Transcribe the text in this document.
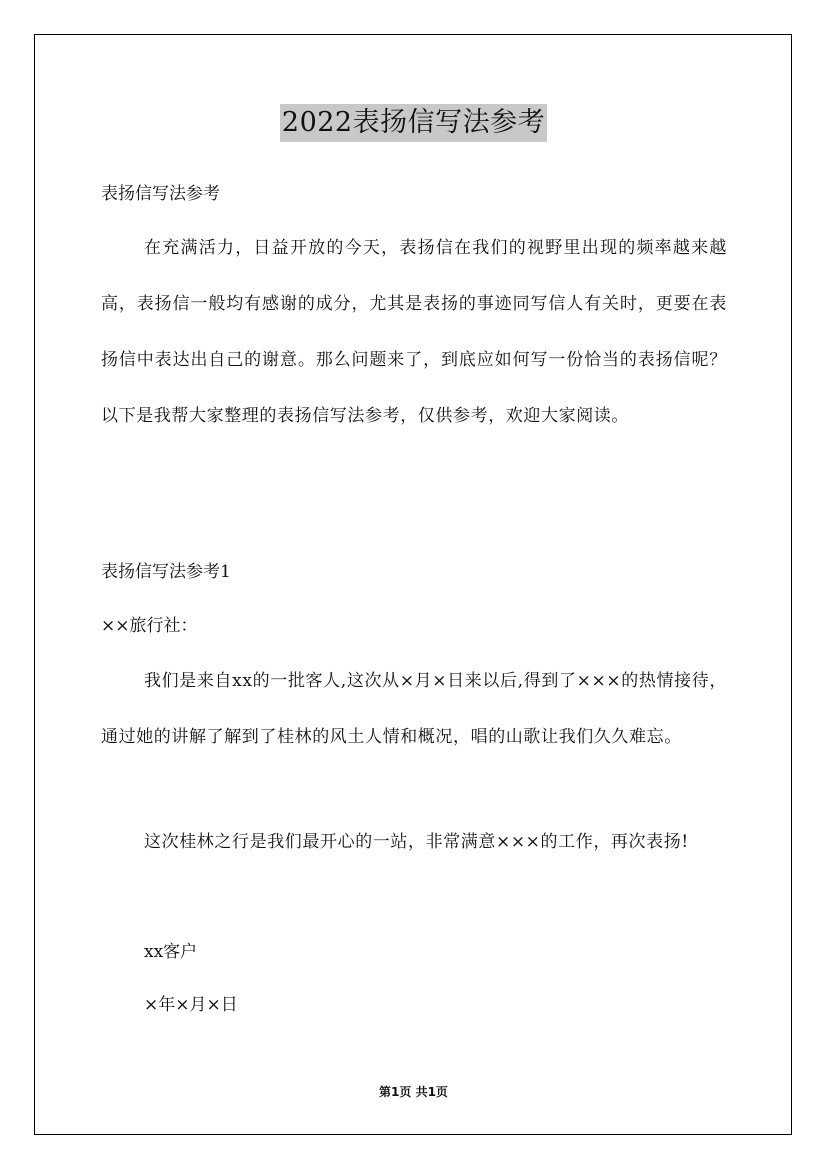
2022表扬信写法参考
表扬信写法参考

在充满活力，日益开放的今天，表扬信在我们的视野里出现的频率越来越高，表扬信一般均有感谢的成分，尤其是表扬的事迹同写信人有关时，更要在表扬信中表达出自己的谢意。那么问题来了，到底应如何写一份恰当的表扬信呢？以下是我帮大家整理的表扬信写法参考，仅供参考，欢迎大家阅读。

表扬信写法参考1
××旅行社：

我们是来自xx的一批客人,这次从×月×日来以后,得到了×××的热情接待，通过她的讲解了解到了桂林的风土人情和概况，唱的山歌让我们久久难忘。

这次桂林之行是我们最开心的一站，非常满意×××的工作，再次表扬!

xx客户
×年×月×日
第1页 共1页
